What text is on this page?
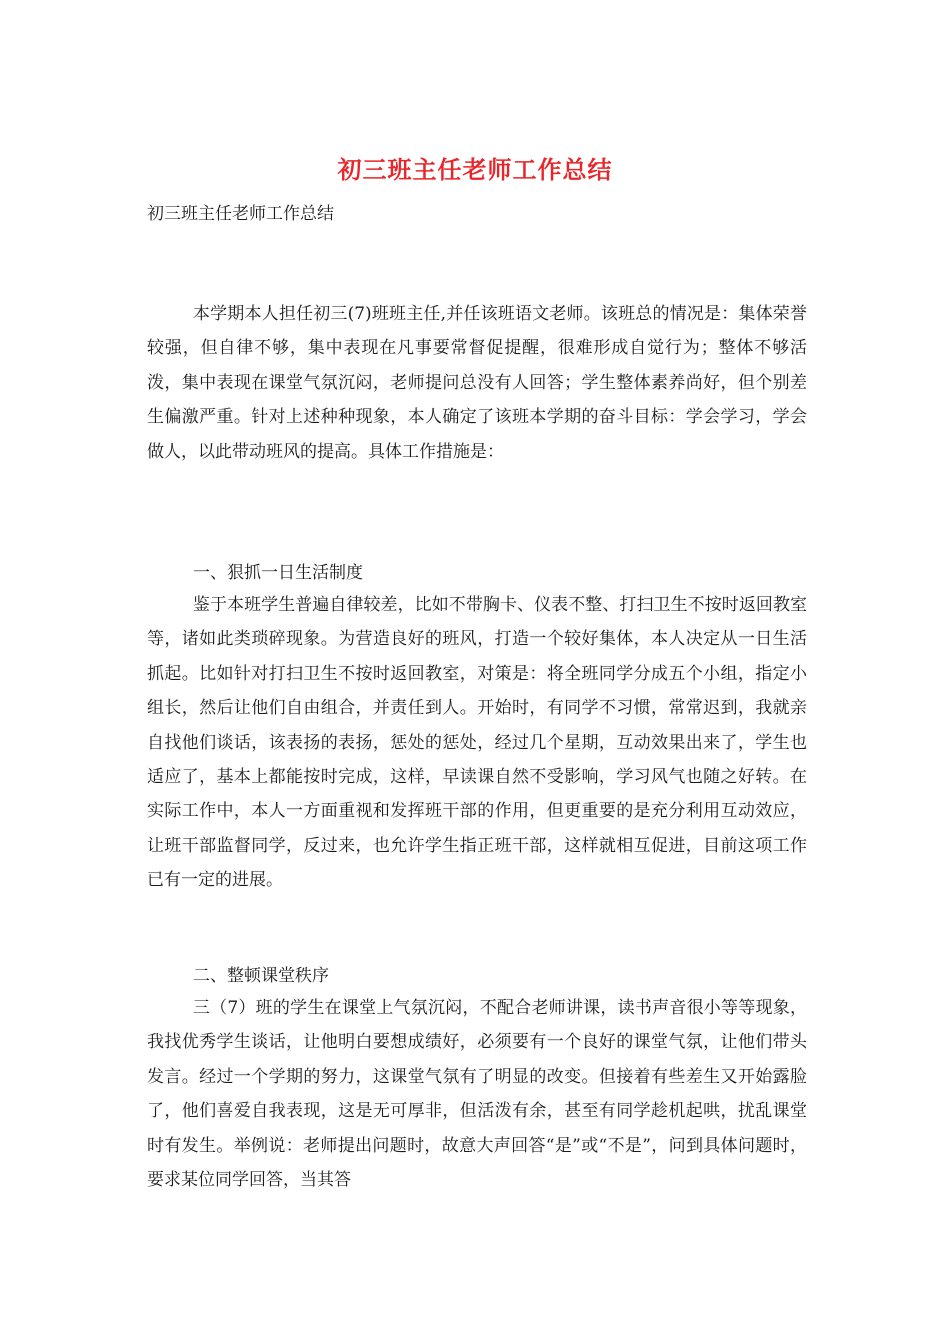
初三班主任老师工作总结

初三班主任老师工作总结

本学期本人担任初三(7)班班主任,并任该班语文老师。该班总的情况是：集体荣誉较强，但自律不够，集中表现在凡事要常督促提醒，很难形成自觉行为；整体不够活泼，集中表现在课堂气氛沉闷，老师提问总没有人回答；学生整体素养尚好，但个别差生偏激严重。针对上述种种现象，本人确定了该班本学期的奋斗目标：学会学习，学会做人，以此带动班风的提高。具体工作措施是：

一、狠抓一日生活制度

鉴于本班学生普遍自律较差，比如不带胸卡、仪表不整、打扫卫生不按时返回教室等，诸如此类琐碎现象。为营造良好的班风，打造一个较好集体，本人决定从一日生活抓起。比如针对打扫卫生不按时返回教室，对策是：将全班同学分成五个小组，指定小组长，然后让他们自由组合，并责任到人。开始时，有同学不习惯，常常迟到，我就亲自找他们谈话，该表扬的表扬，惩处的惩处，经过几个星期，互动效果出来了，学生也适应了，基本上都能按时完成，这样，早读课自然不受影响，学习风气也随之好转。在实际工作中，本人一方面重视和发挥班干部的作用，但更重要的是充分利用互动效应，让班干部监督同学，反过来，也允许学生指正班干部，这样就相互促进，目前这项工作已有一定的进展。

二、整顿课堂秩序

三（7）班的学生在课堂上气氛沉闷，不配合老师讲课，读书声音很小等等现象，我找优秀学生谈话，让他明白要想成绩好，必须要有一个良好的课堂气氛，让他们带头发言。经过一个学期的努力，这课堂气氛有了明显的改变。但接着有些差生又开始露脸了，他们喜爱自我表现，这是无可厚非，但活泼有余，甚至有同学趁机起哄，扰乱课堂时有发生。举例说：老师提出问题时，故意大声回答“是”或“不是”，问到具体问题时，要求某位同学回答，当其答
